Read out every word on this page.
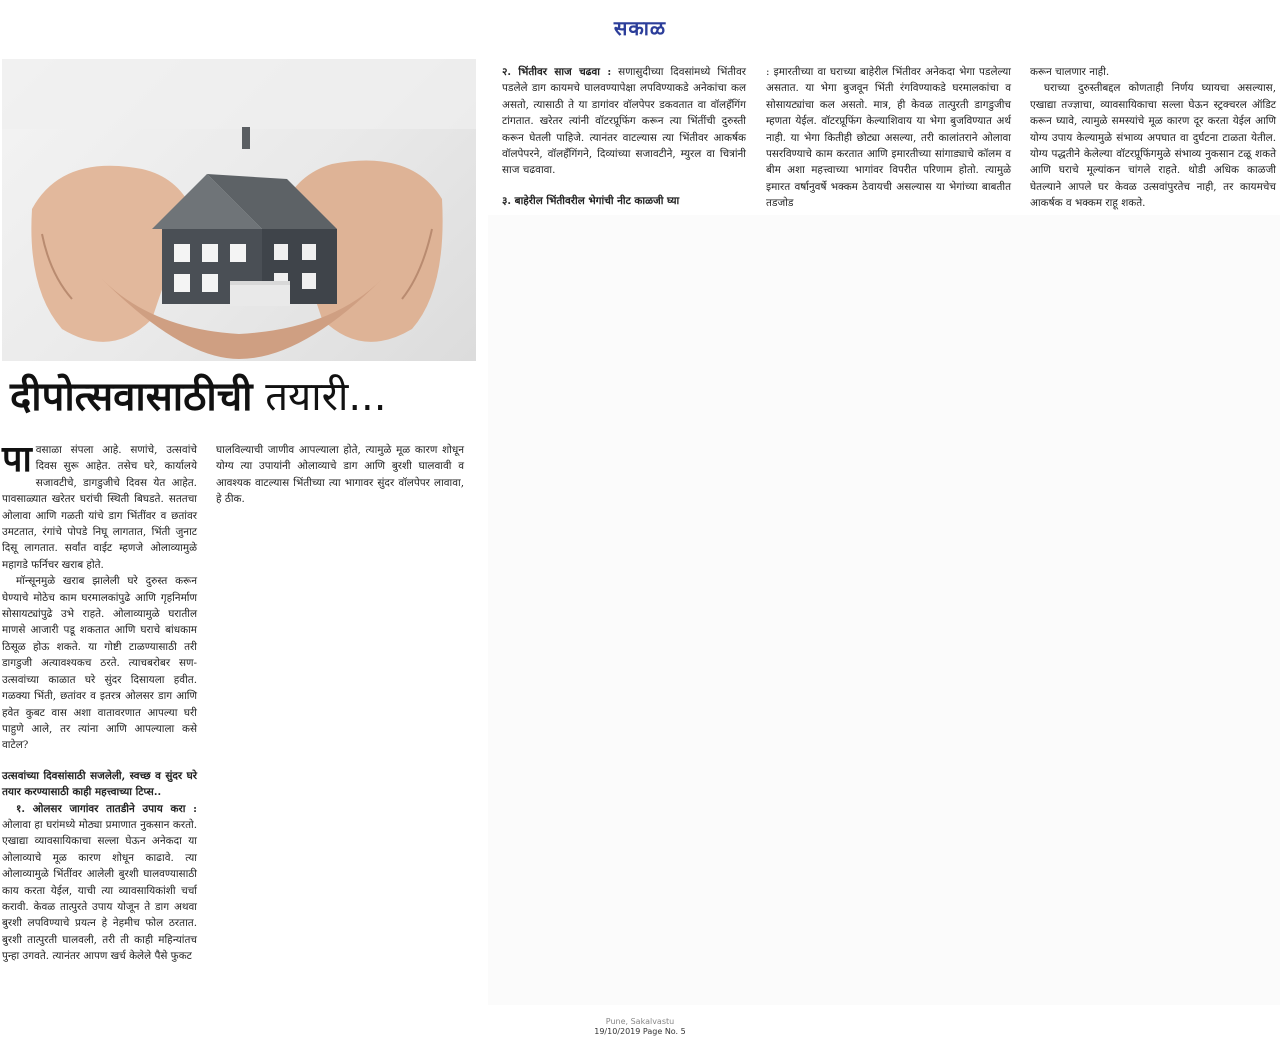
सकाळ
दीपोत्सवासाठीची तयारी...

पावसाळा संपला आहे. सणांचे, उत्सवांचे दिवस सुरू आहेत. तसेच घरे, कार्यालये सजावटीचे, डागडुजीचे दिवस येत आहेत. पावसाळ्यात खरेतर घरांची स्थिती बिघडते. सततचा ओलावा आणि गळती यांचे डाग भिंतींवर व छतांवर उमटतात, रंगांचे पोपडे निघू लागतात, भिंती जुनाट दिसू लागतात. सर्वांत वाईट म्हणजे ओलाव्यामुळे महागडे फर्निचर खराब होते.

मॉन्सूनमुळे खराब झालेली घरे दुरुस्त करून घेण्याचे मोठेच काम घरमालकांपुढे आणि गृहनिर्माण सोसायट्यांपुढे उभे राहते. ओलाव्यामुळे घरातील माणसे आजारी पडू शकतात आणि घराचे बांधकाम ठिसूळ होऊ शकते. या गोष्टी टाळण्यासाठी तरी डागडुजी अत्यावश्यकच ठरते. त्याचबरोबर सण-उत्सवांच्या काळात घरे सुंदर दिसायला हवीत. गळक्या भिंती, छतांवर व इतरत्र ओलसर डाग आणि हवेत कुबट वास अशा वातावरणात आपल्या घरी पाहुणे आले, तर त्यांना आणि आपल्याला कसे वाटेल?

उत्सवांच्या दिवसांसाठी सजलेली, स्वच्छ व सुंदर घरे तयार करण्यासाठी काही महत्त्वाच्या टिप्स..

१. ओलसर जागांवर तातडीने उपाय करा : ओलावा हा घरांमध्ये मोठ्या प्रमाणात नुकसान करतो. एखाद्या व्यावसायिकाचा सल्ला घेऊन अनेकदा या ओलाव्याचे मूळ कारण शोधून काढावे. त्या ओलाव्यामुळे भिंतींवर आलेली बुरशी घालवण्यासाठी काय करता येईल, याची त्या व्यावसायिकांशी चर्चा करावी. केवळ तात्पुरते उपाय योजून ते डाग अथवा बुरशी लपविण्याचे प्रयत्न हे नेहमीच फोल ठरतात. बुरशी तात्पुरती घालवली, तरी ती काही महिन्यांतच पुन्हा उगवते. त्यानंतर आपण खर्च केलेले पैसे फुकट

घालविल्याची जाणीव आपल्याला होते, त्यामुळे मूळ कारण शोधून योग्य त्या उपायांनी ओलाव्याचे डाग आणि बुरशी घालवावी व आवश्यक वाटल्यास भिंतीच्या त्या भागावर सुंदर वॉलपेपर लावावा, हे ठीक.

२. भिंतीवर साज चढवा : सणासुदीच्या दिवसांमध्ये भिंतीवर पडलेले डाग कायमचे घालवण्यापेक्षा लपविण्याकडे अनेकांचा कल असतो, त्यासाठी ते या डागांवर वॉलपेपर डकवतात वा वॉलहँगिंग टांगतात. खरेतर त्यांनी वॉटरप्रूफिंग करून त्या भिंतींची दुरुस्ती करून घेतली पाहिजे. त्यानंतर वाटल्यास त्या भिंतीवर आकर्षक वॉलपेपरने, वॉलहँगिंगने, दिव्यांच्या सजावटीने, म्युरल वा चित्रांनी साज चढवावा.

३. बाहेरील भिंतीवरील भेगांची नीट काळजी घ्या

: इमारतीच्या वा घराच्या बाहेरील भिंतीवर अनेकदा भेगा पडलेल्या असतात. या भेगा बुजवून भिंती रंगविण्याकडे घरमालकांचा व सोसायट्यांचा कल असतो. मात्र, ही केवळ तात्पुरती डागडुजीच म्हणता येईल. वॉटरप्रूफिंग केल्याशिवाय या भेगा बुजविण्यात अर्थ नाही. या भेगा कितीही छोट्या असल्या, तरी कालांतराने ओलावा पसरविण्याचे काम करतात आणि इमारतीच्या सांगाड्याचे कॉलम व बीम अशा महत्त्वाच्या भागांवर विपरीत परिणाम होतो. त्यामुळे इमारत वर्षानुवर्षे भक्कम ठेवायची असल्यास या भेगांच्या बाबतीत तडजोड

करून चालणार नाही.

घराच्या दुरुस्तीबद्दल कोणताही निर्णय घ्यायचा असल्यास, एखाद्या तज्ज्ञाचा, व्यावसायिकाचा सल्ला घेऊन स्ट्रक्चरल ऑडिट करून घ्यावे, त्यामुळे समस्यांचे मूळ कारण दूर करता येईल आणि योग्य उपाय केल्यामुळे संभाव्य अपघात वा दुर्घटना टाळता येतील. योग्य पद्धतीने केलेल्या वॉटरप्रूफिंगमुळे संभाव्य नुकसान टळू शकते आणि घराचे मूल्यांकन चांगले राहते. थोडी अधिक काळजी घेतल्याने आपले घर केवळ उत्सवांपुरतेच नाही, तर कायमचेच आकर्षक व भक्कम राहू शकते.

Pune, Sakalvastu
19/10/2019 Page No. 5
